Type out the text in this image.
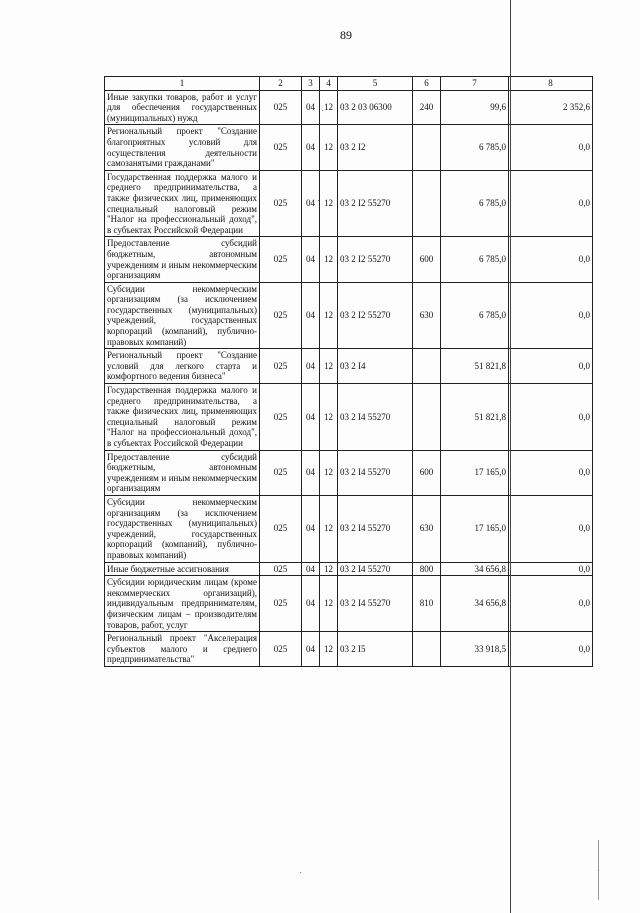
89
1	2	3	4	5	6	7	8
Иные закупки товаров, работ и услуг для обеспечения государственных (муниципальных) нужд	025	04	12	03 2 03 06300	240	99,6	2 352,6
Региональный проект "Создание благоприятных условий для осуществления деятельности самозанятыми гражданами"	025	04	12	03 2 I2		6 785,0	0,0
Государственная поддержка малого и среднего предпринимательства, а также физических лиц, применяющих специальный налоговый режим "Налог на профессиональный доход", в субъектах Российской Федерации	025	04	12	03 2 I2 55270		6 785,0	0,0
Предоставление субсидий бюджетным, автономным учреждениям и иным некоммерческим организациям	025	04	12	03 2 I2 55270	600	6 785,0	0,0
Субсидии некоммерческим организациям (за исключением государственных (муниципальных) учреждений, государственных корпораций (компаний), публично-правовых компаний)	025	04	12	03 2 I2 55270	630	6 785,0	0,0
Региональный проект "Создание условий для легкого старта и комфортного ведения бизнеса"	025	04	12	03 2 I4		51 821,8	0,0
Государственная поддержка малого и среднего предпринимательства, а также физических лиц, применяющих специальный налоговый режим "Налог на профессиональный доход", в субъектах Российской Федерации	025	04	12	03 2 I4 55270		51 821,8	0,0
Предоставление субсидий бюджетным, автономным учреждениям и иным некоммерческим организациям	025	04	12	03 2 I4 55270	600	17 165,0	0,0
Субсидии некоммерческим организациям (за исключением государственных (муниципальных) учреждений, государственных корпораций (компаний), публично-правовых компаний)	025	04	12	03 2 I4 55270	630	17 165,0	0,0
Иные бюджетные ассигнования	025	04	12	03 2 I4 55270	800	34 656,8	0,0
Субсидии юридическим лицам (кроме некоммерческих организаций), индивидуальным предпринимателям, физическим лицам – производителям товаров, работ, услуг	025	04	12	03 2 I4 55270	810	34 656,8	0,0
Региональный проект "Акселерация субъектов малого и среднего предпринимательства"	025	04	12	03 2 I5		33 918,5	0,0
